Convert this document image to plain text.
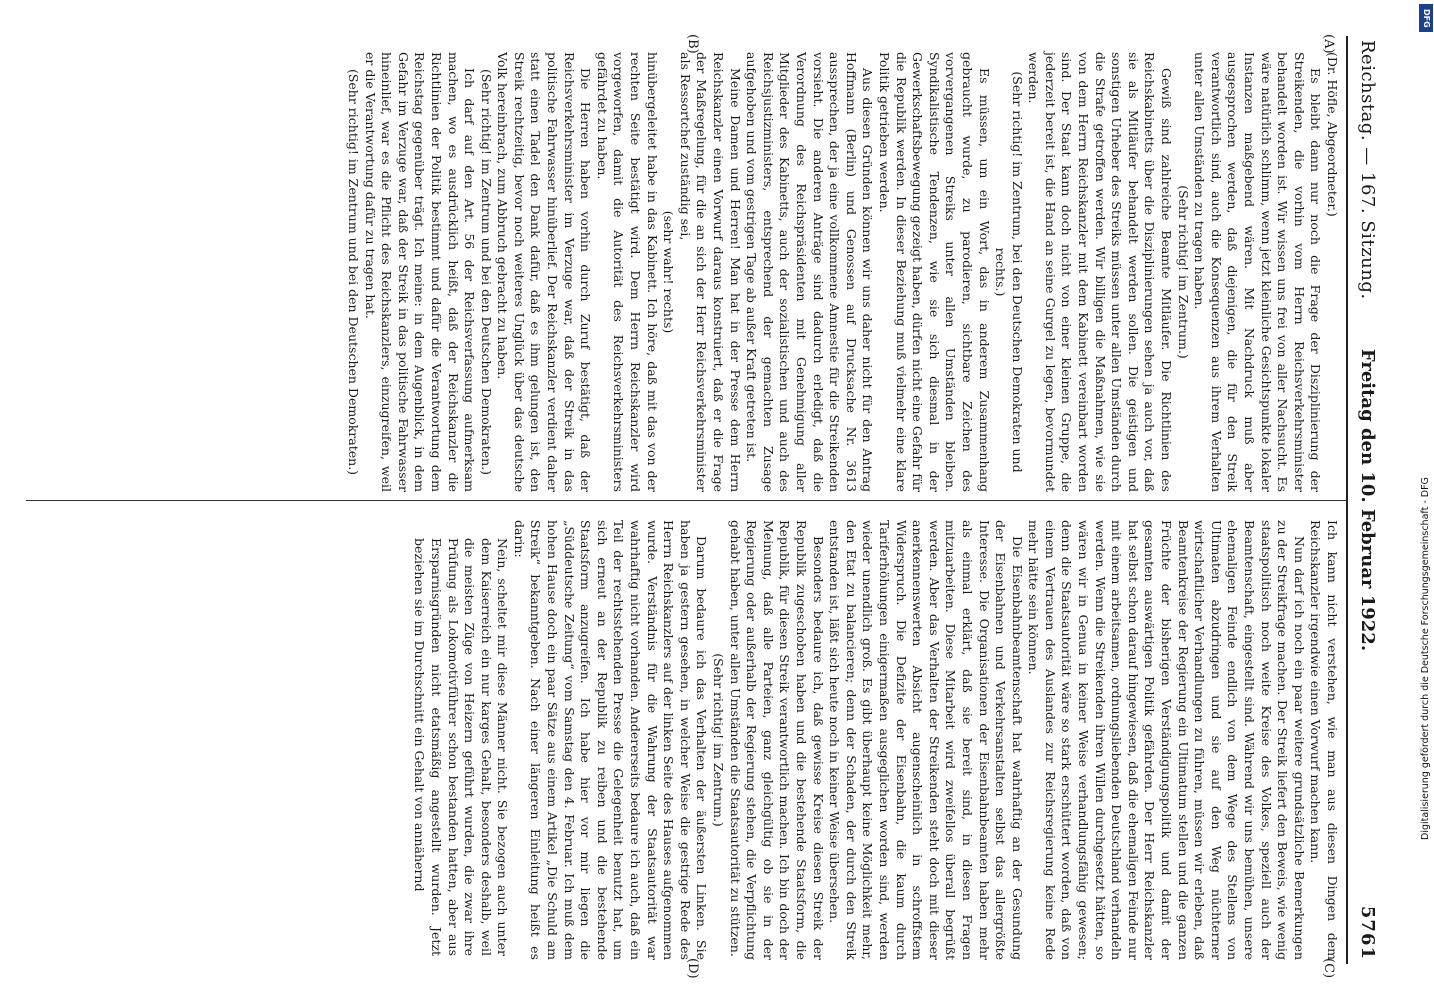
Reichstag. — 167. Sitzung.
Freitag den 10. Februar 1922.
5761
(A)
(B)
(C)
(D)

(Dr. Höfle, Abgeordneter.)

Es bleibt dann nur noch die Frage der Disziplinierung der Streikenden, die vorhin vom Herrn Reichsverkehrsminister behandelt worden ist. Wir wissen uns frei von aller Nachsucht. Es wäre natürlich schlimm, wenn jetzt kleinliche Gesichtspunkte lokaler Instanzen maßgebend wären. Mit Nachdruck muß aber ausgesprochen werden, daß diejenigen, die für den Streik verantwortlich sind, auch die Konsequenzen aus ihrem Verhalten unter allen Umständen zu tragen haben.

(Sehr richtig! im Zentrum.)

Gewiß sind zahlreiche Beamte Mitläufer. Die Richtlinien des Reichskabinetts über die Disziplinierungen sehen ja auch vor, daß sie als Mitläufer behandelt werden sollen. Die geistigen und sonstigen Urheber des Streiks müssen unter allen Umständen durch die Strafe getroffen werden. Wir billigen die Maßnahmen, wie sie von dem Herrn Reichskanzler mit dem Kabinett vereinbart worden sind. Der Staat kann doch nicht von einer kleinen Gruppe, die jederzeit bereit ist, die Hand an seine Gurgel zu legen, bevormundet werden.

(Sehr richtig! im Zentrum, bei den Deutschen Demokraten und rechts.)

Es müssen, um ein Wort, das in anderem Zusammenhang gebraucht wurde, zu parodieren, sichtbare Zeichen des vorvergangenen Streiks unter allen Umständen bleiben. Syndikalistische Tendenzen, wie sie sich diesmal in der Gewerkschaftsbewegung gezeigt haben, dürfen nicht eine Gefahr für die Republik werden. In dieser Beziehung muß vielmehr eine klare Politik getrieben werden.

Aus diesen Gründen können wir uns daher nicht für den Antrag Hoffmann (Berlin) und Genossen auf Drucksache Nr. 3613 aussprechen, der ja eine vollkommene Amnestie für die Streikenden vorsieht. Die anderen Anträge sind dadurch erledigt, daß die Verordnung des Reichspräsidenten mit Genehmigung aller Mitglieder des Kabinetts, auch der sozialistischen und auch des Reichsjustizministers, entsprechend der gemachten Zusage aufgehoben und vom gestrigen Tage ab außer Kraft getreten ist.

Meine Damen und Herren! Man hat in der Presse dem Herrn Reichskanzler einen Vorwurf daraus konstruiert, daß er die Frage der Maßregelung, für die an sich der Herr Reichsverkehrsminister als Ressortchef zuständig sei,

(sehr wahr! rechts)

hinübergeleitet habe in das Kabinett. Ich höre, daß mit das von der rechten Seite bestätigt wird. Dem Herrn Reichskanzler wird vorgeworfen, damit die Autorität des Reichsverkehrsministers gefährdet zu haben.

Die Herren haben vorhin durch Zuruf bestätigt, daß der Reichsverkehrsminister im Verzuge war, daß der Streik in das politische Fahrwasser hinüberlief. Der Reichskanzler verdient daher statt einen Tadel den Dank dafür, daß es ihm gelungen ist, den Streik rechtzeitig, bevor noch weiteres Unglück über das deutsche Volk hereinbrach, zum Abbruch gebracht zu haben.

(Sehr richtig! im Zentrum und bei den Deutschen Demokraten.)

Ich darf auf den Art. 56 der Reichsverfassung aufmerksam machen, wo es ausdrücklich heißt, daß der Reichskanzler die Richtlinien der Politik bestimmt und dafür die Verantwortung dem Reichstag gegenüber trägt. Ich meine: in dem Augenblick, in dem Gefahr im Verzuge war, daß der Streik in das politische Fahrwasser hineinlief, war es die Pflicht des Reichskanzlers, einzugreifen, weil er die Verantwortung dafür zu tragen hat.

(Sehr richtig! im Zentrum und bei den Deutschen Demokraten.)

Ich kann nicht verstehen, wie man aus diesen Dingen dem Reichskanzler irgendwie einen Vorwurf machen kann.

Nun darf ich noch ein paar weitere grundsätzliche Bemerkungen zu der Streikfrage machen. Der Streik liefert den Beweis, wie wenig staatspolitisch noch weite Kreise des Volkes, speziell auch der Beamtenschaft, eingestellt sind. Während wir uns bemühen, unsere ehemaligen Feinde endlich von dem Wege des Stellens von Ultimaten abzudringen und sie auf den Weg nüchterner wirtschaftlicher Verhandlungen zu führen, müssen wir erleben, daß Beamtenkreise der Regierung ein Ultimatum stellen und die ganzen Früchte der bisherigen Verständigungspolitik und damit der gesamten auswärtigen Politik gefährden. Der Herr Reichskanzler hat selbst schon darauf hingewiesen, daß die ehemaligen Feinde nur mit einem arbeitsamen, ordnungsliebenden Deutschland verhandeln werden. Wenn die Streikenden ihren Willen durchgesetzt hätten, so wären wir in Genua in keiner Weise verhandlungsfähig gewesen; denn die Staatsautorität wäre so stark erschüttert worden, daß von einem Vertrauen des Auslandes zur Reichsregierung keine Rede mehr hätte sein können.

Die Eisenbahnbeamtenschaft hat wahrhaftig an der Gesundung der Eisenbahnen und Verkehrsanstalten selbst das allergrößte Interesse. Die Organisationen der Eisenbahnbeamten haben mehr als einmal erklärt, daß sie bereit sind, in diesen Fragen mitzuarbeiten. Diese Mitarbeit wird zweifellos überall begrüßt werden. Aber das Verhalten der Streikenden steht doch mit dieser anerkennenswerten Absicht augenscheinlich in schroffstem Widerspruch. Die Defizite der Eisenbahn, die kaum durch Tariferhöhungen einigermaßen ausgeglichen worden sind, werden wieder unendlich groß. Es gibt überhaupt keine Möglichkeit mehr, den Etat zu balancieren; denn der Schaden, der durch den Streik entstanden ist, läßt sich heute noch in keiner Weise übersehen.

Besonders bedaure ich, daß gewisse Kreise diesen Streik der Republik zugeschoben haben und die bestehende Staatsform, die Republik, für diesen Streik verantwortlich machen. Ich bin doch der Meinung, daß alle Parteien, ganz gleichgültig ob sie in der Regierung oder außerhalb der Regierung stehen, die Verpflichtung gehabt haben, unter allen Umständen die Staatsautorität zu stützen.

(Sehr richtig! im Zentrum.)

Darum bedaure ich das Verhalten der äußersten Linken. Sie haben ja gestern gesehen, in welcher Weise die gestrige Rede des Herrn Reichskanzlers auf der linken Seite des Hauses aufgenommen wurde. Verständnis für die Wahrung der Staatsautorität war wahrhaftig nicht vorhanden. Andererseits bedaure ich auch, daß ein Teil der rechtsstehenden Presse die Gelegenheit benutzt hat, um sich erneut an der Republik zu reiben und die bestehende Staatsform anzugreifen. Ich habe hier vor mir liegen die „Süddeutsche Zeitung“ vom Samstag den 4. Februar. Ich muß dem hohen Hause doch ein paar Sätze aus einem Artikel „Die Schuld am Streik“ bekanntgeben. Nach einer längeren Einleitung heißt es darin:

Nein, scheltet mir diese Männer nicht. Sie bezogen auch unter dem Kaiserreich ein nur karges Gehalt, besonders deshalb, weil die meisten Züge von Heizern geführt wurden, die zwar ihre Prüfung als Lokomotivführer schon bestanden hatten, aber aus Ersparnisgründen nicht etatsmäßig angestellt wurden. Jetzt beziehen sie im Durchschnitt ein Gehalt von annähernd

DFG
Digitalisierung gefördert durch die Deutsche Forschungsgemeinschaft - DFG
